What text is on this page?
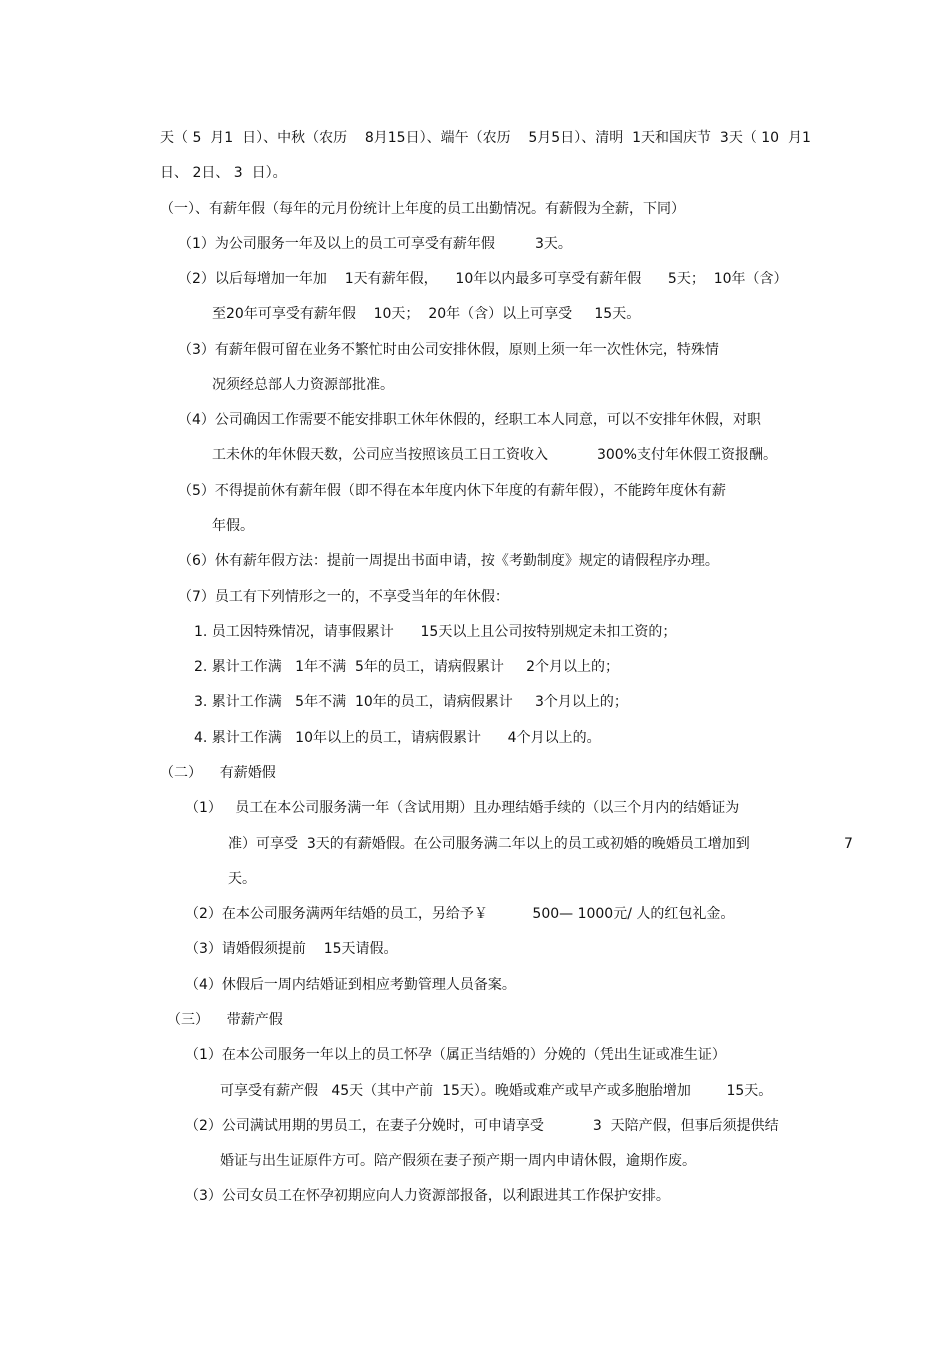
天（ 5  月1  日）、中秋（农历    8月15日）、端午（农历    5月5日）、清明  1天和国庆节  3天（ 10  月1
日、 2日、 3  日）。
（一）、有薪年假（每年的元月份统计上年度的员工出勤情况。有薪假为全薪，下同）
（1）为公司服务一年及以上的员工可享受有薪年假         3天。
（2）以后每增加一年加    1天有薪年假，    10年以内最多可享受有薪年假      5天；  10年（含）
至20年可享受有薪年假    10天；  20年（含）以上可享受     15天。
（3）有薪年假可留在业务不繁忙时由公司安排休假，原则上须一年一次性休完，特殊情
况须经总部人力资源部批准。
（4）公司确因工作需要不能安排职工休年休假的，经职工本人同意，可以不安排年休假，对职
工未休的年休假天数，公司应当按照该员工日工资收入           300%支付年休假工资报酬。
（5）不得提前休有薪年假（即不得在本年度内休下年度的有薪年假），不能跨年度休有薪
年假。
（6）休有薪年假方法：提前一周提出书面申请，按《考勤制度》规定的请假程序办理。
（7）员工有下列情形之一的，不享受当年的年休假：
1. 员工因特殊情况，请事假累计      15天以上且公司按特别规定未扣工资的；
2. 累计工作满   1年不满  5年的员工，请病假累计     2个月以上的；
3. 累计工作满   5年不满  10年的员工，请病假累计     3个月以上的；
4. 累计工作满   10年以上的员工，请病假累计      4个月以上的。
（二）    有薪婚假
（1）   员工在本公司服务满一年（含试用期）且办理结婚手续的（以三个月内的结婚证为
准）可享受  3天的有薪婚假。在公司服务满二年以上的员工或初婚的晚婚员工增加到	7
天。
（2）在本公司服务满两年结婚的员工，另给予￥          500— 1000元/ 人的红包礼金。
（3）请婚假须提前    15天请假。
（4）休假后一周内结婚证到相应考勤管理人员备案。
（三）    带薪产假
（1）在本公司服务一年以上的员工怀孕（属正当结婚的）分娩的（凭出生证或准生证）
可享受有薪产假   45天（其中产前  15天）。晚婚或难产或早产或多胞胎增加        15天。
（2）公司满试用期的男员工，在妻子分娩时，可申请享受           3  天陪产假，但事后须提供结
婚证与出生证原件方可。陪产假须在妻子预产期一周内申请休假，逾期作废。
（3）公司女员工在怀孕初期应向人力资源部报备，以利跟进其工作保护安排。
